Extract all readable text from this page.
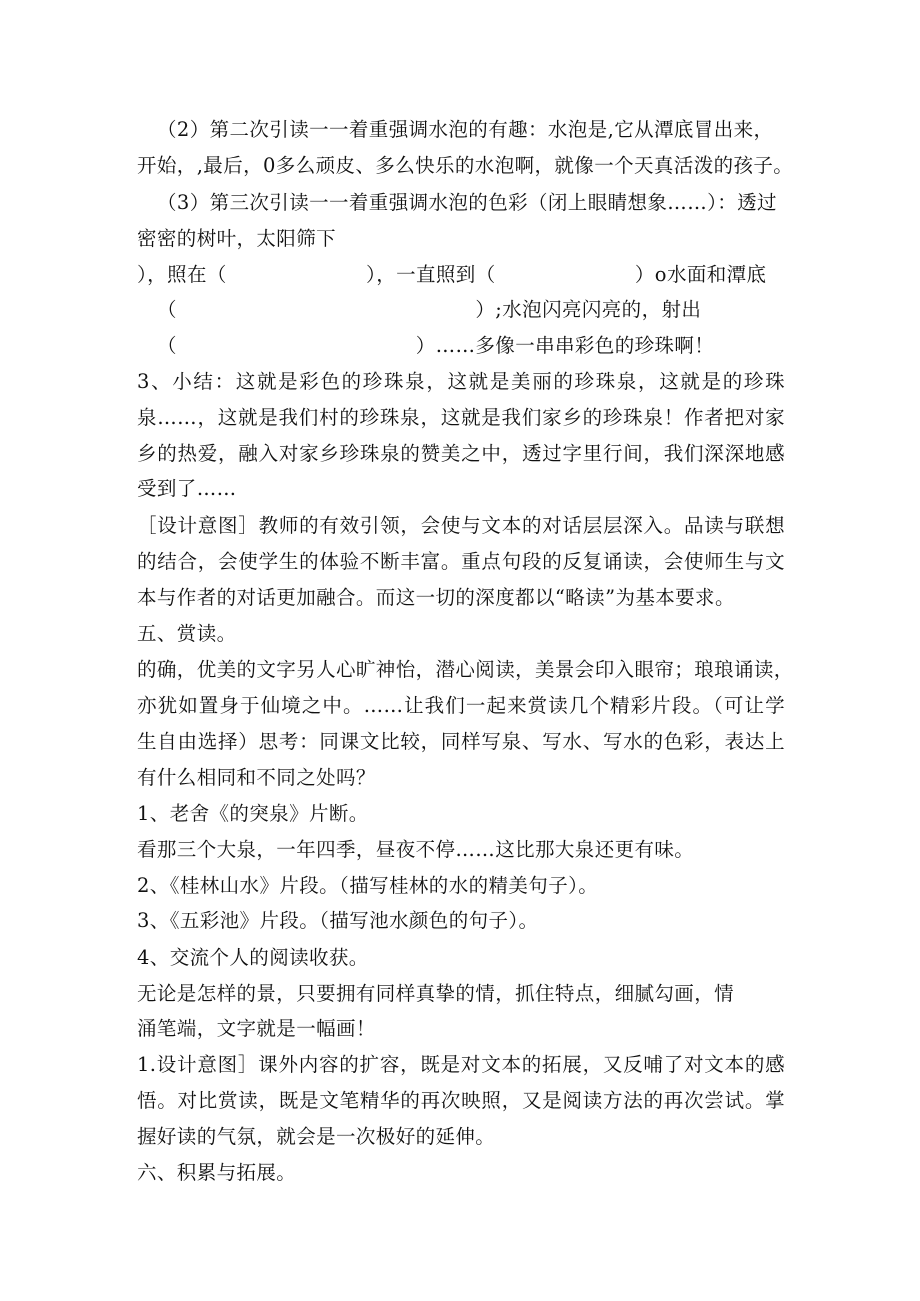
（2）第二次引读一一着重强调水泡的有趣：水泡是,它从潭底冒出来，
开始，,最后，0多么顽皮、多么快乐的水泡啊，就像一个天真活泼的孩子。
（3）第三次引读一一着重强调水泡的色彩（闭上眼睛想象……）：透过
密密的树叶，太阳筛下
），照在（　　　　　　　），一直照到（　　　　　　　）o水面和潭底
（　　　　　　　　　　　　　　　）;水泡闪亮闪亮的，射出
（　　　　　　　　　　　　）……多像一串串彩色的珍珠啊！
3、小结：这就是彩色的珍珠泉，这就是美丽的珍珠泉，这就是的珍珠
泉……，这就是我们村的珍珠泉，这就是我们家乡的珍珠泉！作者把对家
乡的热爱，融入对家乡珍珠泉的赞美之中，透过字里行间，我们深深地感
受到了……
［设计意图］教师的有效引领，会使与文本的对话层层深入。品读与联想
的结合，会使学生的体验不断丰富。重点句段的反复诵读，会使师生与文
本与作者的对话更加融合。而这一切的深度都以“略读”为基本要求。
五、赏读。
的确，优美的文字另人心旷神怡，潜心阅读，美景会印入眼帘；琅琅诵读，
亦犹如置身于仙境之中。……让我们一起来赏读几个精彩片段。（可让学
生自由选择）思考：同课文比较，同样写泉、写水、写水的色彩，表达上
有什么相同和不同之处吗？
1、老舍《的突泉》片断。
看那三个大泉，一年四季，昼夜不停……这比那大泉还更有味。
2、《桂林山水》片段。（描写桂林的水的精美句子）。
3、《五彩池》片段。（描写池水颜色的句子）。
4、交流个人的阅读收获。
无论是怎样的景，只要拥有同样真挚的情，抓住特点，细腻勾画，情
涌笔端，文字就是一幅画！
1.设计意图］课外内容的扩容，既是对文本的拓展，又反哺了对文本的感
悟。对比赏读，既是文笔精华的再次映照，又是阅读方法的再次尝试。掌
握好读的气氛，就会是一次极好的延伸。
六、积累与拓展。
